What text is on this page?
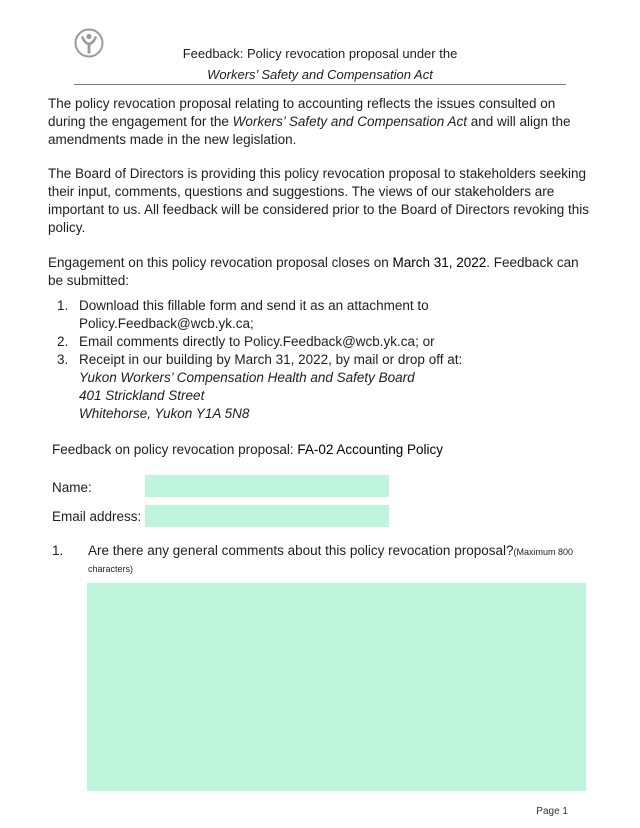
Feedback: Policy revocation proposal under the
Workers’ Safety and Compensation Act

The policy revocation proposal relating to accounting reflects the issues consulted on during the engagement for the Workers’ Safety and Compensation Act and will align the amendments made in the new legislation.

The Board of Directors is providing this policy revocation proposal to stakeholders seeking their input, comments, questions and suggestions. The views of our stakeholders are important to us. All feedback will be considered prior to the Board of Directors revoking this policy.

Engagement on this policy revocation proposal closes on March 31, 2022. Feedback can be submitted:

1. Download this fillable form and send it as an attachment to Policy.Feedback@wcb.yk.ca;
2. Email comments directly to Policy.Feedback@wcb.yk.ca; or
3. Receipt in our building by March 31, 2022, by mail or drop off at:
Yukon Workers’ Compensation Health and Safety Board
401 Strickland Street
Whitehorse, Yukon Y1A 5N8
Feedback on policy revocation proposal: FA-02 Accounting Policy
Name:
Email address:
1. Are there any general comments about this policy revocation proposal?(Maximum 800 characters)
Page 1
